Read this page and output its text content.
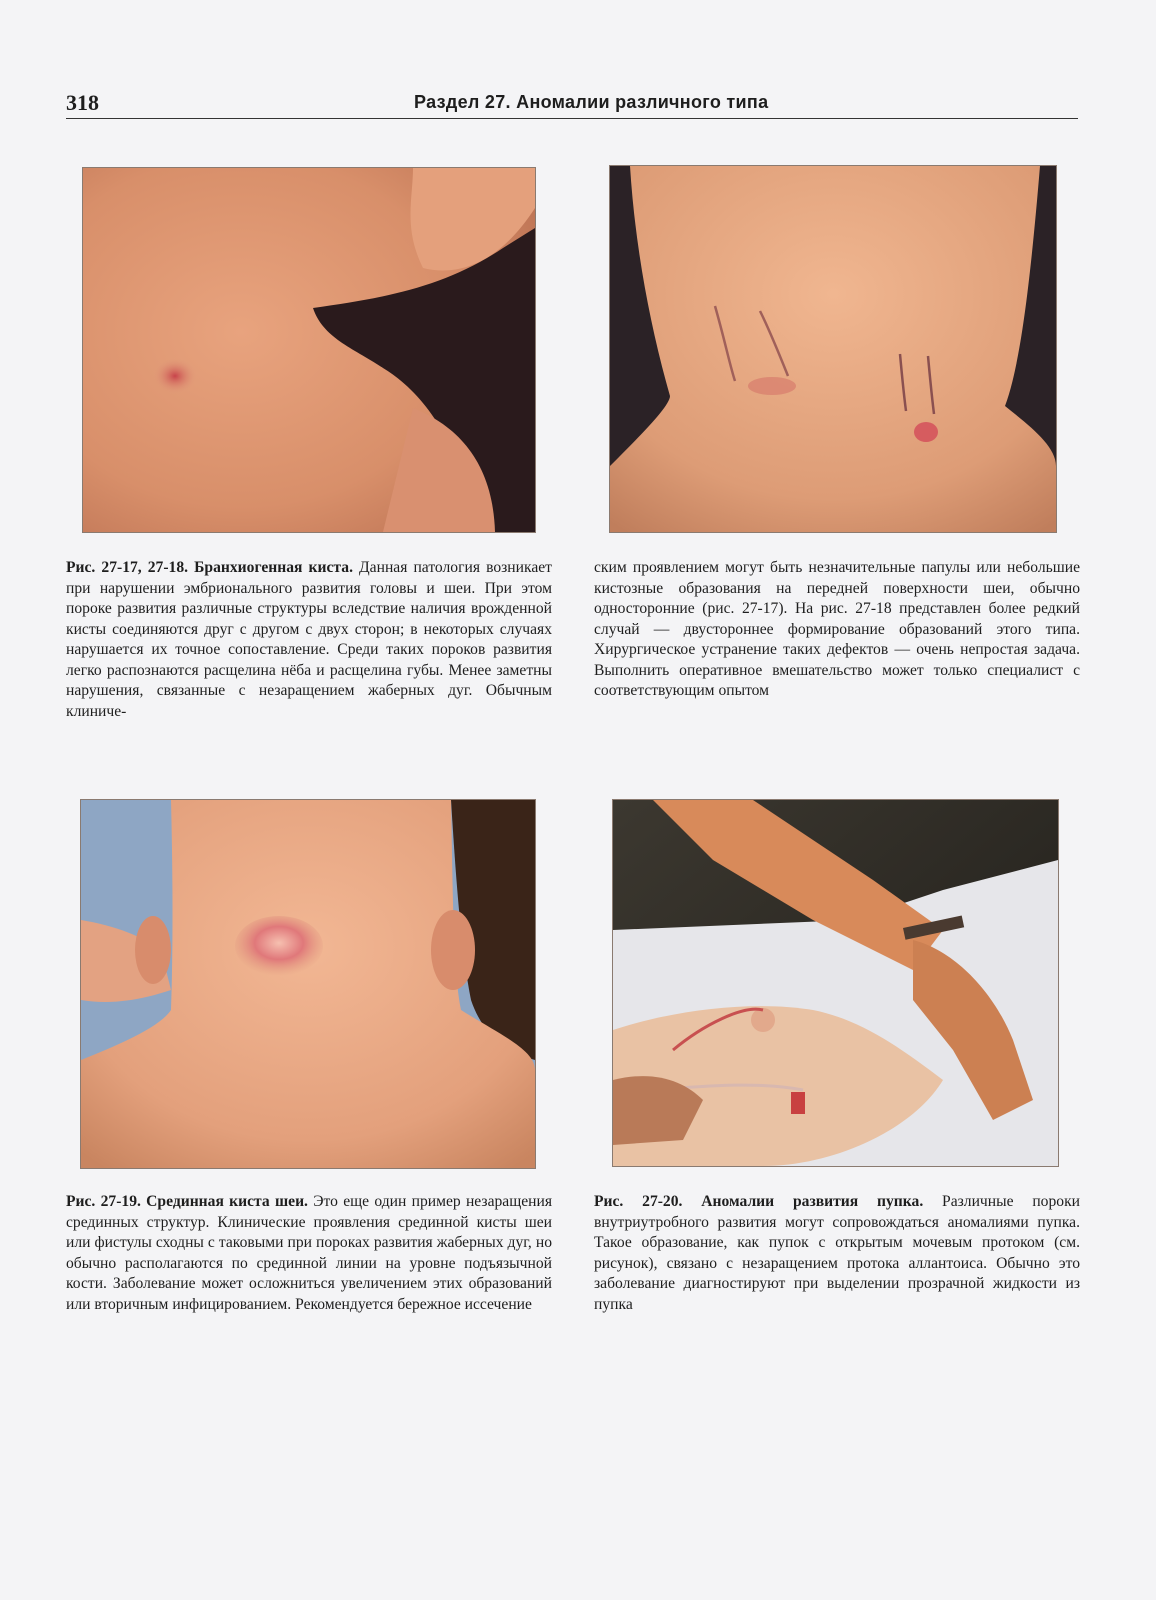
318	Раздел 27. Аномалии различного типа
Рис. 27-17, 27-18. Бранхиогенная киста. Данная патология возникает при нарушении эмбрионального развития головы и шеи. При этом пороке развития различные структуры вследствие наличия врожденной кисты соединяются друг с другом с двух сторон; в некоторых случаях нарушается их точное сопоставление. Среди таких пороков развития легко распознаются расщелина нёба и расщелина губы. Менее заметны нарушения, связанные с незаращением жаберных дуг. Обычным клиниче-
ским проявлением могут быть незначительные папулы или небольшие кистозные образования на передней поверхности шеи, обычно односторонние (рис. 27-17). На рис. 27-18 представлен более редкий случай — двустороннее формирование образований этого типа. Хирургическое устранение таких дефектов — очень непростая задача. Выполнить оперативное вмешательство может только специалист с соответствующим опытом
Рис. 27-19. Срединная киста шеи. Это еще один пример незаращения срединных структур. Клинические проявления срединной кисты шеи или фистулы сходны с таковыми при пороках развития жаберных дуг, но обычно располагаются по срединной линии на уровне подъязычной кости. Заболевание может осложниться увеличением этих образований или вторичным инфицированием. Рекомендуется бережное иссечение
Рис. 27-20. Аномалии развития пупка. Различные пороки внутриутробного развития могут сопровождаться аномалиями пупка. Такое образование, как пупок с открытым мочевым протоком (см. рисунок), связано с незаращением протока аллантоиса. Обычно это заболевание диагностируют при выделении прозрачной жидкости из пупка
